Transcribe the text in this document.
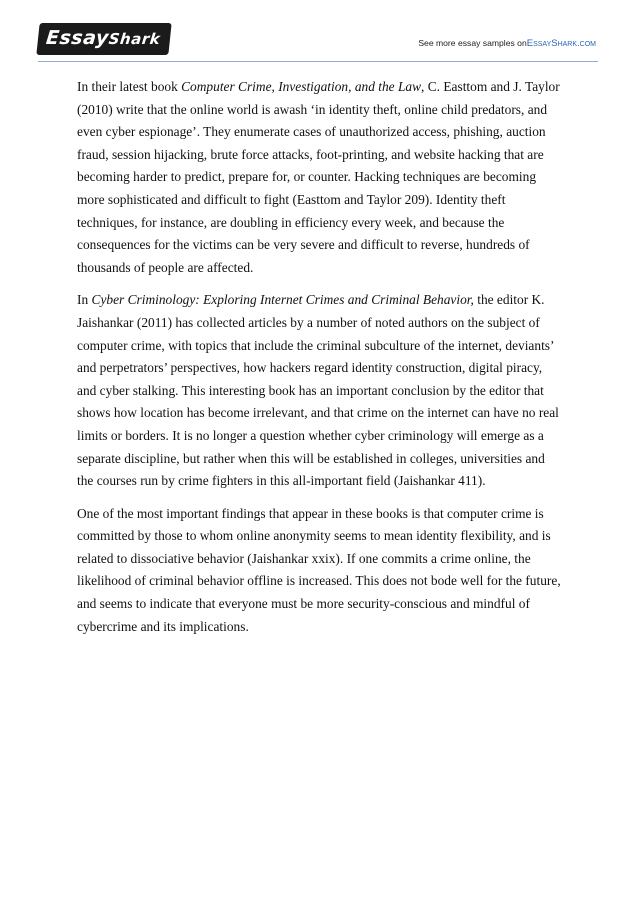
EssayShark	See more essay samples onEssayShark.com

In their latest book Computer Crime, Investigation, and the Law, C. Easttom and J. Taylor (2010) write that the online world is awash ‘in identity theft, online child predators, and even cyber espionage’. They enumerate cases of unauthorized access, phishing, auction fraud, session hijacking, brute force attacks, foot-printing, and website hacking that are becoming harder to predict, prepare for, or counter. Hacking techniques are becoming more sophisticated and difficult to fight (Easttom and Taylor 209). Identity theft techniques, for instance, are doubling in efficiency every week, and because the consequences for the victims can be very severe and difficult to reverse, hundreds of thousands of people are affected.

In Cyber Criminology: Exploring Internet Crimes and Criminal Behavior, the editor K. Jaishankar (2011) has collected articles by a number of noted authors on the subject of computer crime, with topics that include the criminal subculture of the internet, deviants’ and perpetrators’ perspectives, how hackers regard identity construction, digital piracy, and cyber stalking. This interesting book has an important conclusion by the editor that shows how location has become irrelevant, and that crime on the internet can have no real limits or borders. It is no longer a question whether cyber criminology will emerge as a separate discipline, but rather when this will be established in colleges, universities and the courses run by crime fighters in this all-important field (Jaishankar 411).

One of the most important findings that appear in these books is that computer crime is committed by those to whom online anonymity seems to mean identity flexibility, and is related to dissociative behavior (Jaishankar xxix). If one commits a crime online, the likelihood of criminal behavior offline is increased. This does not bode well for the future, and seems to indicate that everyone must be more security-conscious and mindful of cybercrime and its implications.
